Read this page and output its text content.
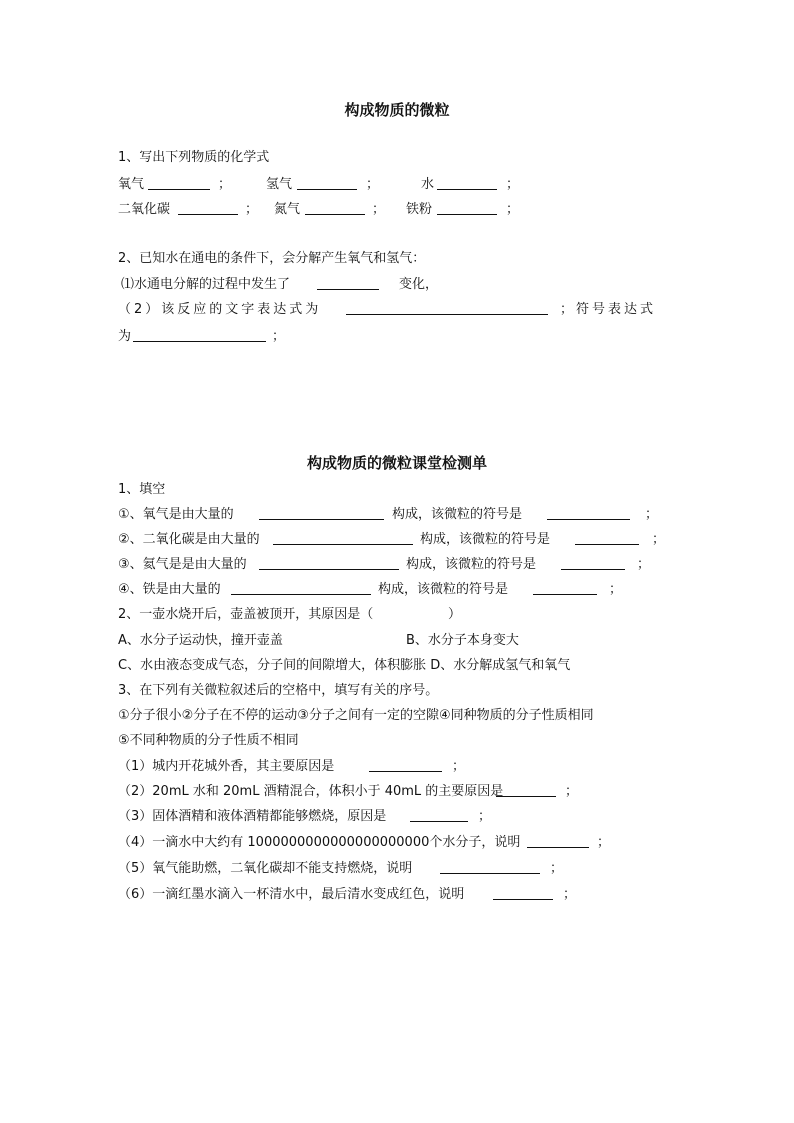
构成物质的微粒
1、写出下列物质的化学式
氧气	；	氢气	；	水	；
二氧化碳	； 氮气	； 铁粉	；
2、已知水在通电的条件下，会分解产生氧气和氢气：
⑴水通电分解的过程中发生了	变化，
（2）该反应的文字表达式为	；符号表达式
为	；
构成物质的微粒课堂检测单
1、填空
①、氧气是由大量的	构成，该微粒的符号是	；
②、二氧化碳是由大量的	构成，该微粒的符号是	；
③、氦气是是由大量的	构成，该微粒的符号是	；
④、铁是由大量的	构成，该微粒的符号是	；
2、一壶水烧开后，壶盖被顶开，其原因是（	）
A、水分子运动快，撞开壶盖	B、水分子本身变大
C、水由液态变成气态，分子间的间隙增大，体积膨胀 D、水分解成氢气和氧气
3、在下列有关微粒叙述后的空格中，填写有关的序号。
①分子很小②分子在不停的运动③分子之间有一定的空隙④同种物质的分子性质相同
⑤不同种物质的分子性质不相同
（1）城内开花城外香，其主要原因是	；
（2）20mL 水和 20mL 酒精混合，体积小于 40mL 的主要原因是	；
（3）固体酒精和液体酒精都能够燃烧，原因是	；
（4）一滴水中大约有 1000000000000000000000个水分子，说明	；
（5）氧气能助燃，二氧化碳却不能支持燃烧，说明	；
（6）一滴红墨水滴入一杯清水中，最后清水变成红色，说明	；
